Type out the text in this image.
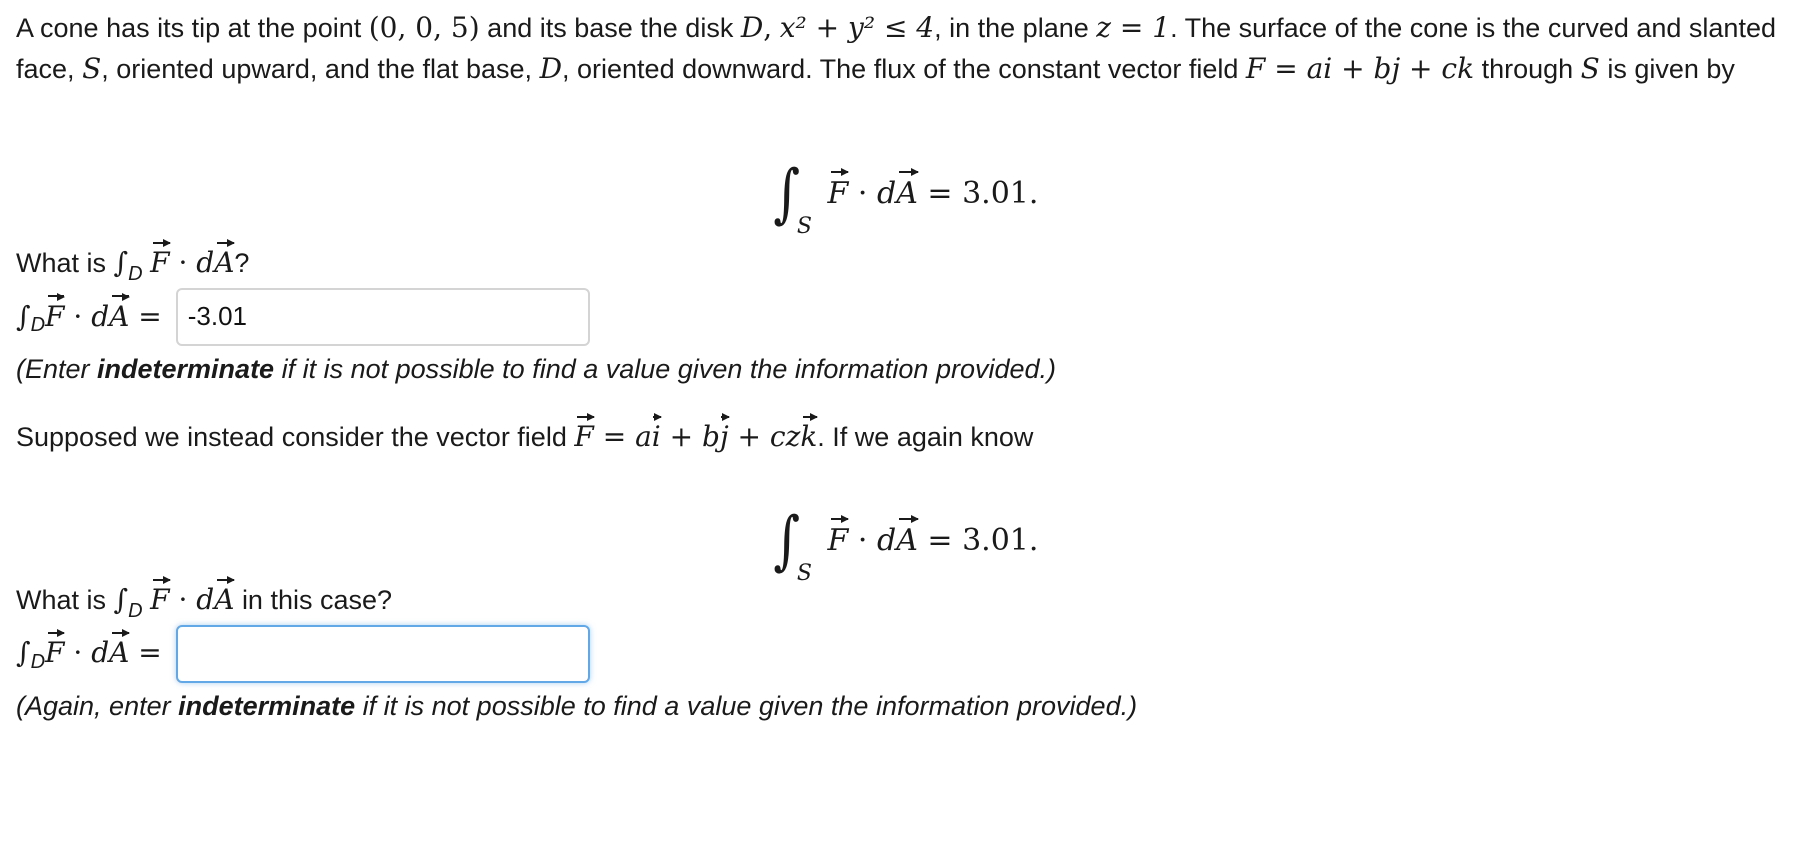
A cone has its tip at the point (0, 0, 5) and its base the disk D, x² + y² ≤ 4, in the plane z = 1. The surface of the cone is the curved and slanted face, S, oriented upward, and the flat base, D, oriented downward. The flux of the constant vector field F = ai + bj + ck through S is given by

$\int_S$ F · dA = 3.01.

What is $\int_D$ F · dA?

∫ D F · d A =	-3.01

(Enter indeterminate if it is not possible to find a value given the information provided.)

Supposed we instead consider the vector field F = ai + bj + czk. If we again know

$\int_S$ F · dA = 3.01.

What is $\int_D$ F · dA in this case?

∫ D F · d A =

(Again, enter indeterminate if it is not possible to find a value given the information provided.)
